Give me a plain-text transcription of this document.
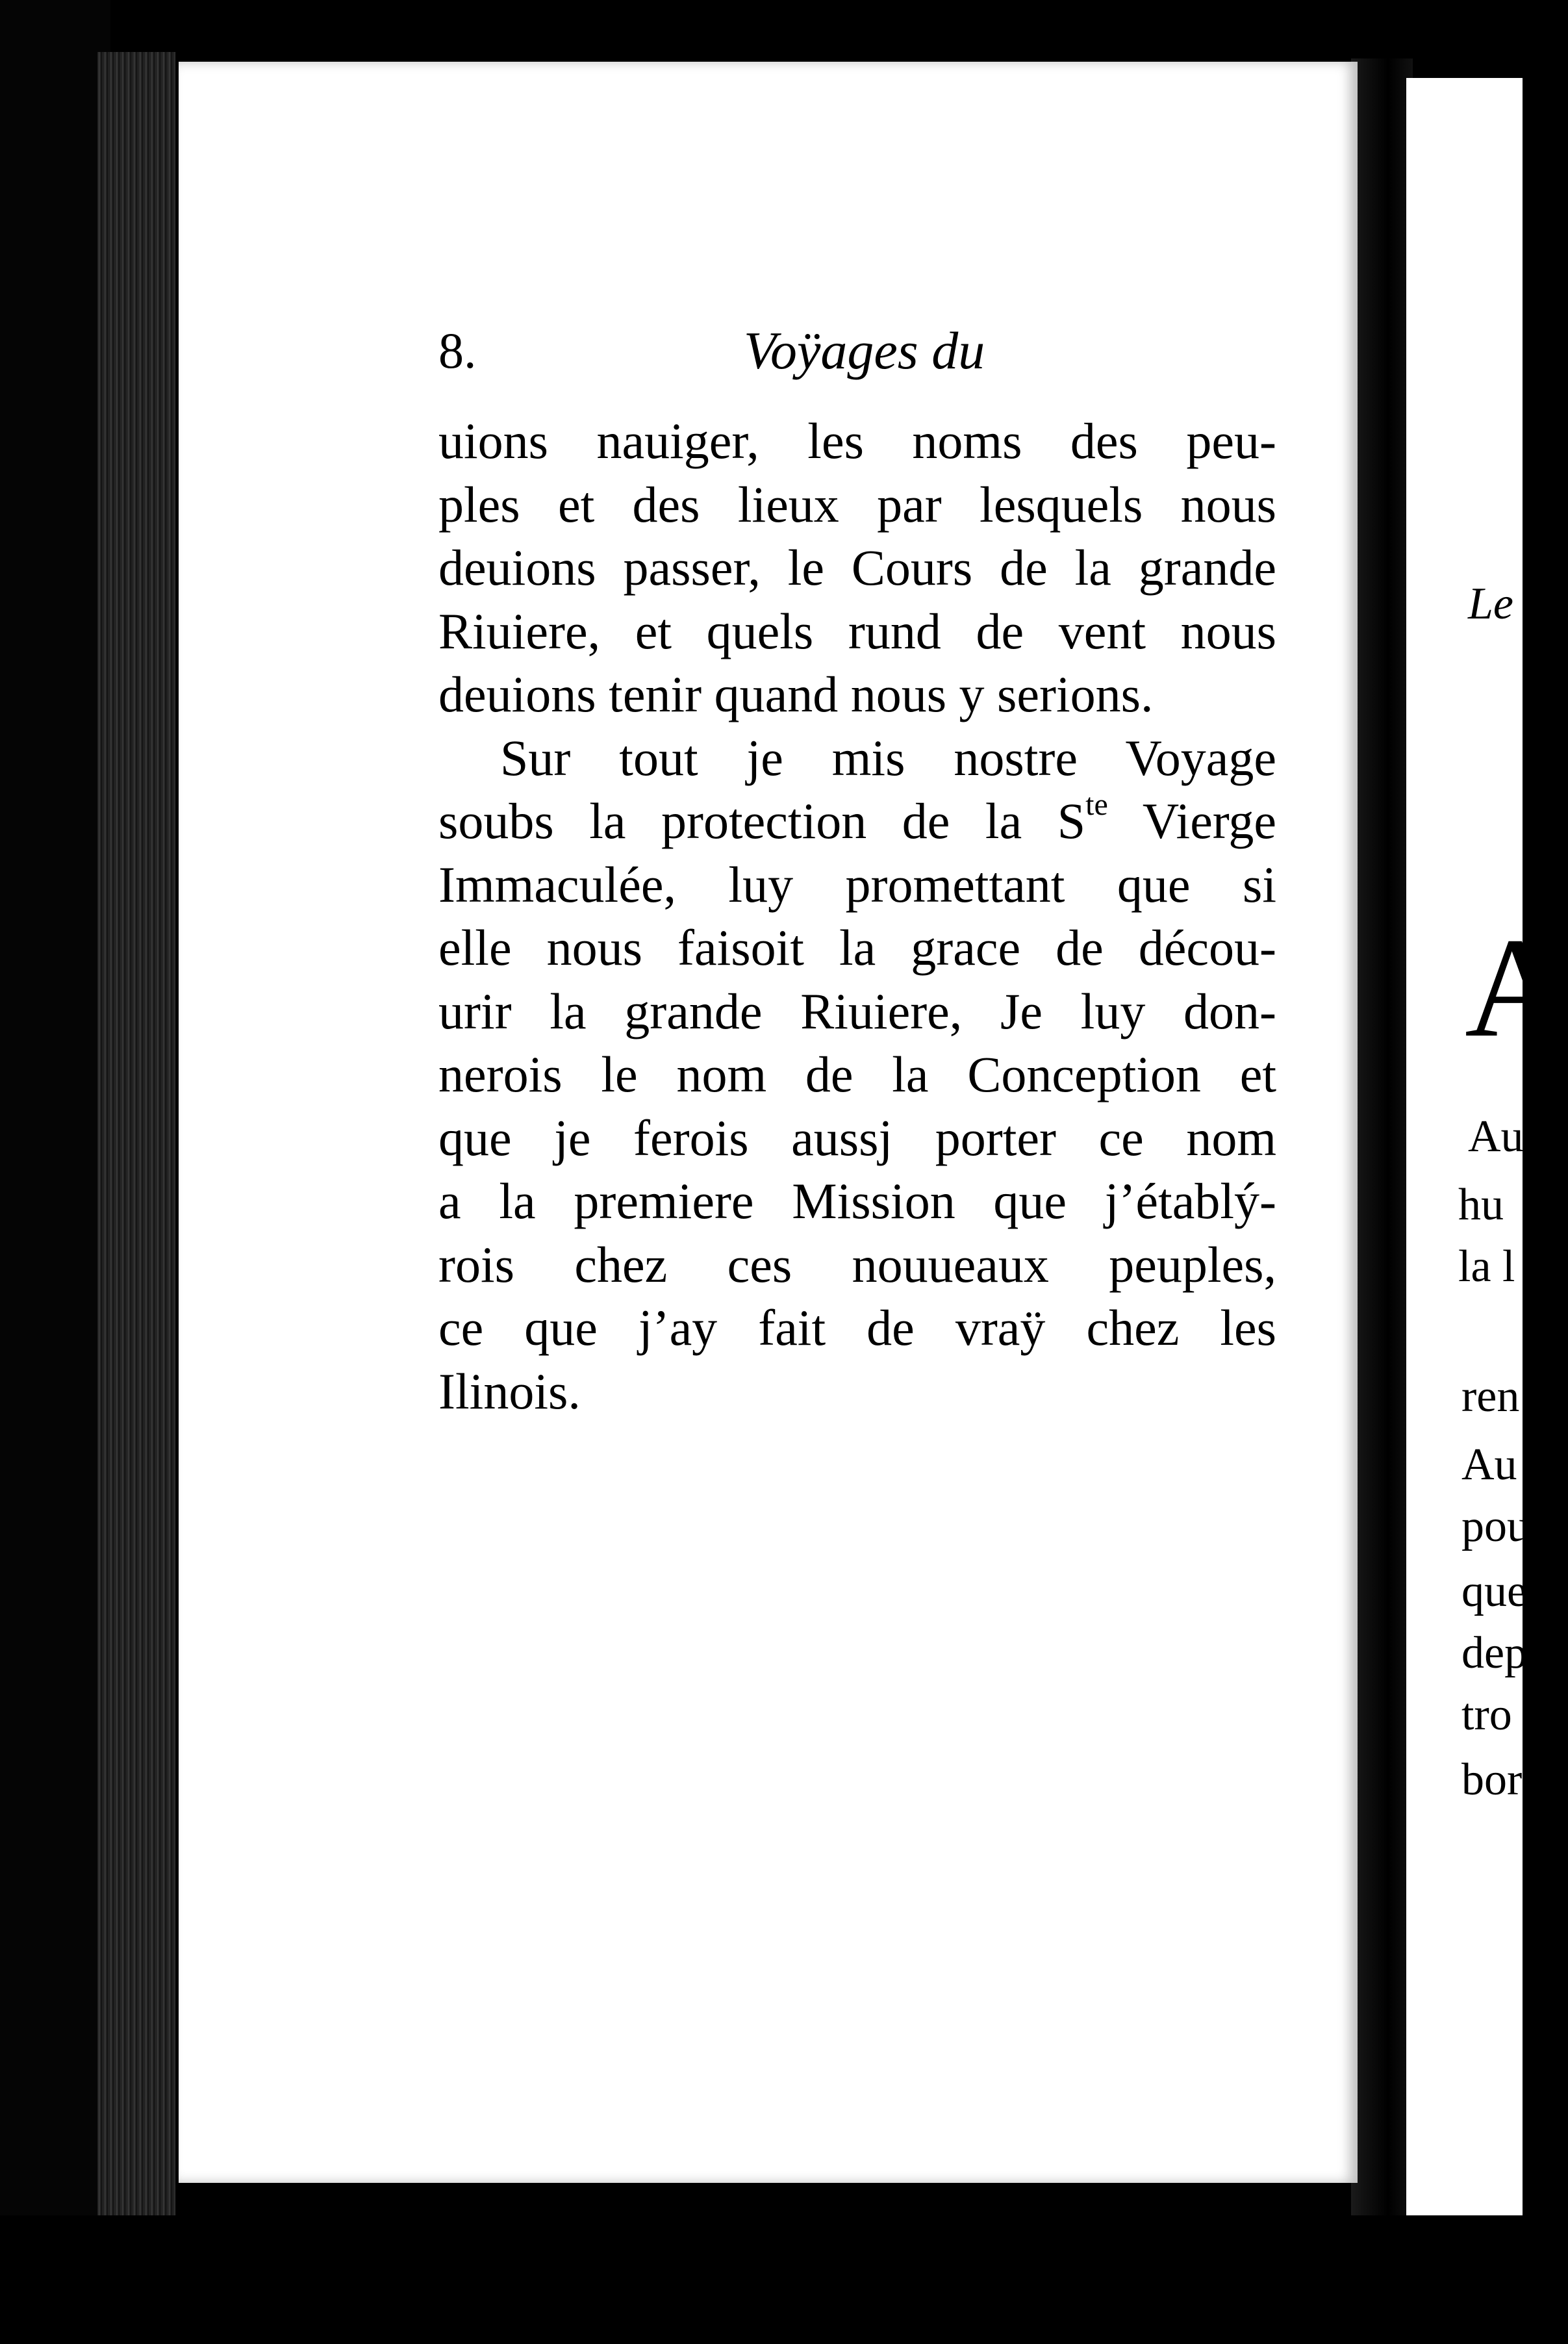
8.	Voÿages du
uions nauiger, les noms des peu-
ples et des lieux par lesquels nous
deuions passer, le Cours de la grande
Riuiere, et quels rund de vent nous
deuions tenir quand nous y serions.
Sur tout je mis nostre Voyage
soubs la protection de la $S^{te}$ Vierge
Immaculée, luy promettant que si
elle nous faisoit la grace de décou-
urir la grande Riuiere, Je luy don-
nerois le nom de la Conception et
que je ferois aussj porter ce nom
a la premiere Mission que j’établý-
rois chez ces nouueaux peuples,
ce que j’ay fait de vraÿ chez les
Ilinois.
Le
A
Au
hu
la l
ren
Au
pou
que
dep
tro
bor
